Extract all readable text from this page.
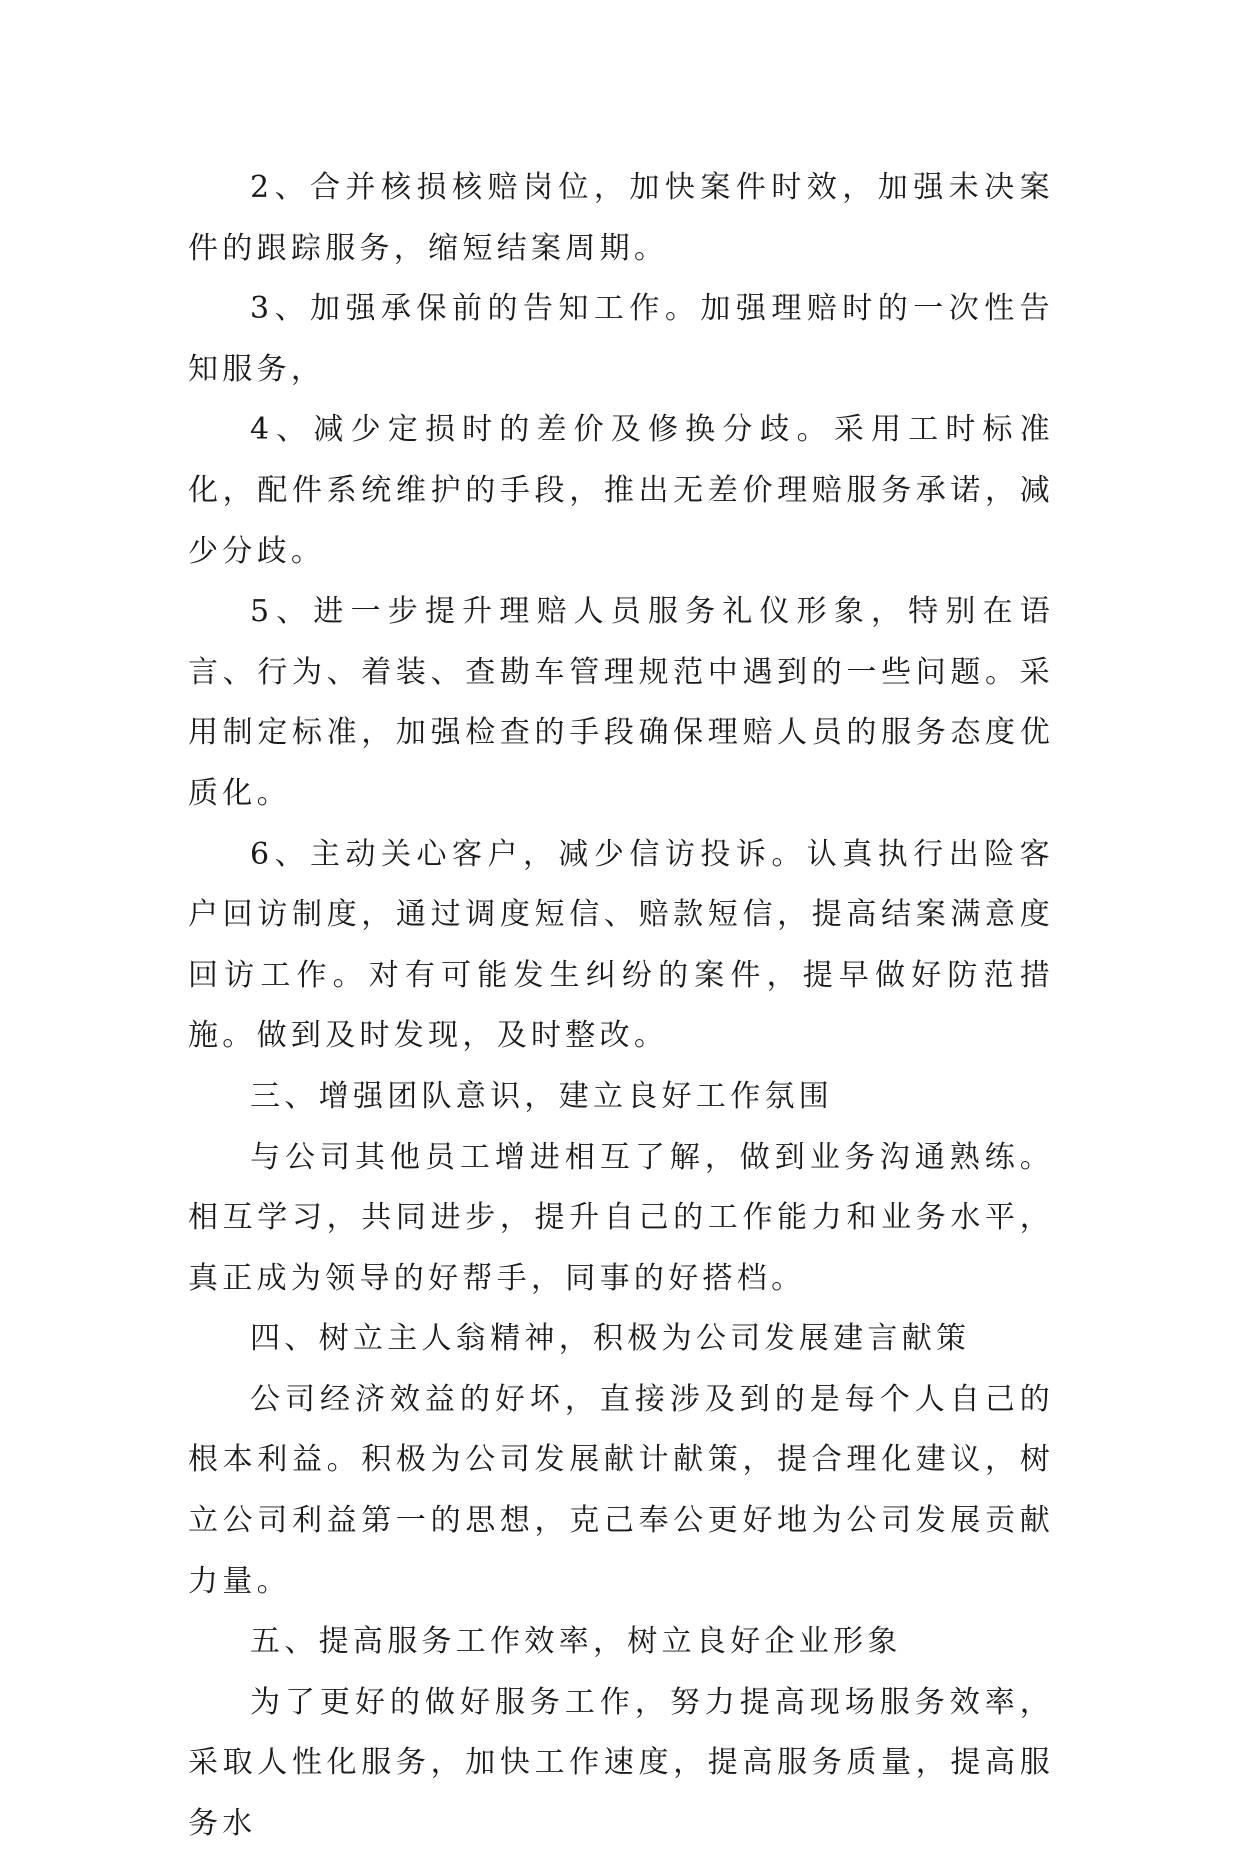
2、合并核损核赔岗位，加快案件时效，加强未决案件的跟踪服务，缩短结案周期。

3、加强承保前的告知工作。加强理赔时的一次性告知服务，

4、减少定损时的差价及修换分歧。采用工时标准化，配件系统维护的手段，推出无差价理赔服务承诺，减少分歧。

5、进一步提升理赔人员服务礼仪形象，特别在语言、行为、着装、查勘车管理规范中遇到的一些问题。采用制定标准，加强检查的手段确保理赔人员的服务态度优质化。

6、主动关心客户，减少信访投诉。认真执行出险客户回访制度，通过调度短信、赔款短信，提高结案满意度回访工作。对有可能发生纠纷的案件，提早做好防范措施。做到及时发现，及时整改。

三、增强团队意识，建立良好工作氛围

与公司其他员工增进相互了解，做到业务沟通熟练。相互学习，共同进步，提升自己的工作能力和业务水平，真正成为领导的好帮手，同事的好搭档。

四、树立主人翁精神，积极为公司发展建言献策

公司经济效益的好坏，直接涉及到的是每个人自己的根本利益。积极为公司发展献计献策，提合理化建议，树立公司利益第一的思想，克己奉公更好地为公司发展贡献力量。

五、提高服务工作效率，树立良好企业形象

为了更好的做好服务工作，努力提高现场服务效率，采取人性化服务，加快工作速度，提高服务质量，提高服务水
